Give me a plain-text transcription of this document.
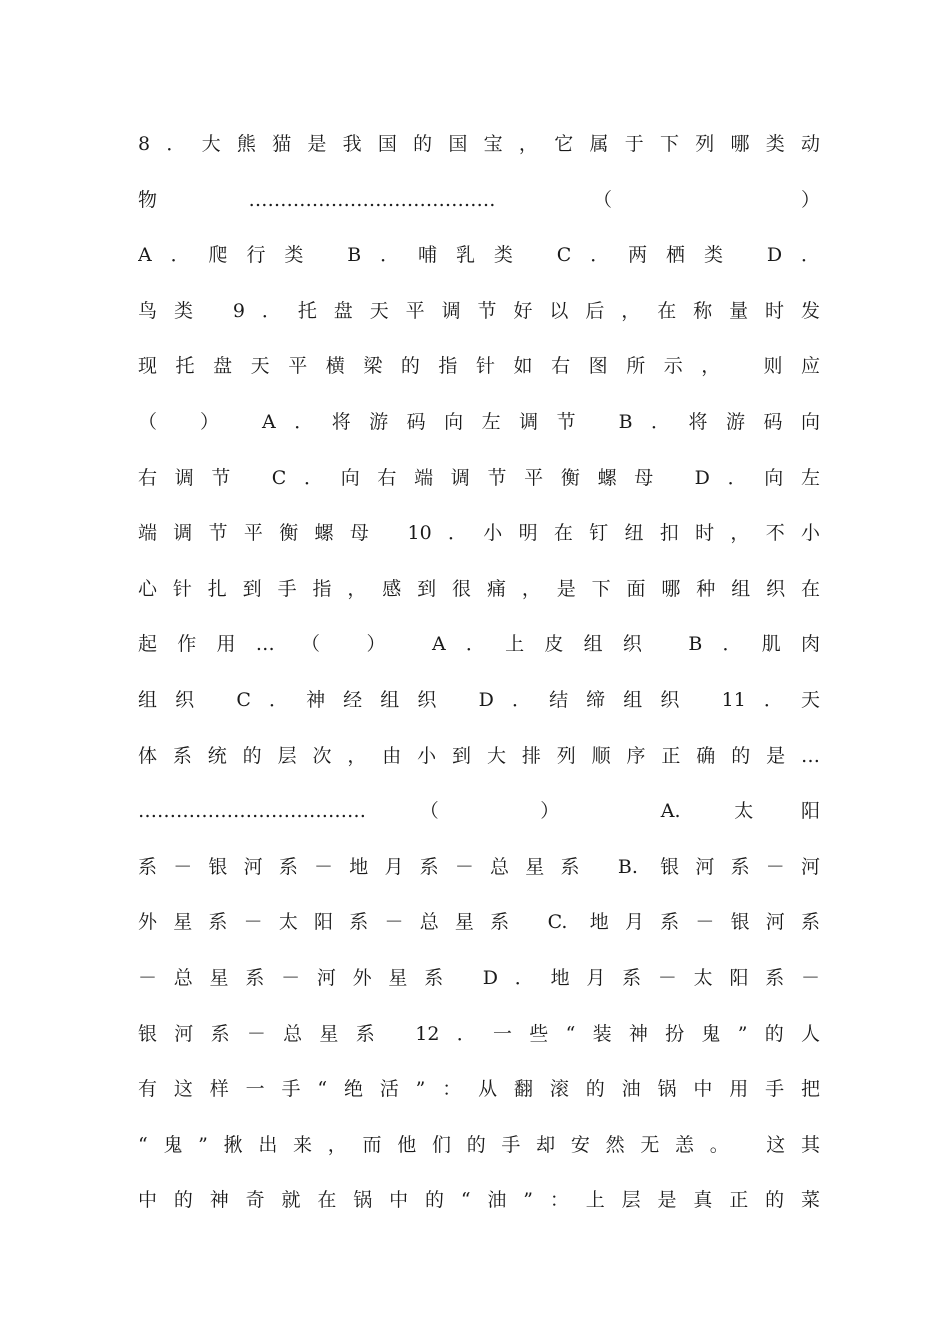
8．大熊猫是我国的国宝，它属于下列哪类动
物………………………………… （ ）
A．爬行类 B．哺乳类 C．两栖类 D．
鸟类 9．托盘天平调节好以后，在称量时发
现托盘天平横梁的指针如右图所示， 则应
（ ） A．将游码向左调节 B．将游码向
右调节 C．向右端调节平衡螺母 D．向左
端调节平衡螺母 10．小明在钉纽扣时，不小
心针扎到手指，感到很痛，是下面哪种组织在
起作用… （ ） A．上皮组织 B．肌肉
组织 C．神经组织 D．结缔组织 11．天
体系统的层次，由小到大排列顺序正确的是…
……………………………… （ ） A. 太阳
系－银河系－地月系－总星系 B. 银河系－河
外星系－太阳系－总星系 C. 地月系－银河系
－总星系－河外星系 D．地月系－太阳系－
银河系－总星系 12．一些“装神扮鬼”的人
有这样一手“绝活”：从翻滚的油锅中用手把
“鬼”揪出来，而他们的手却安然无恙。 这其
中的神奇就在锅中的“油”：上层是真正的菜
